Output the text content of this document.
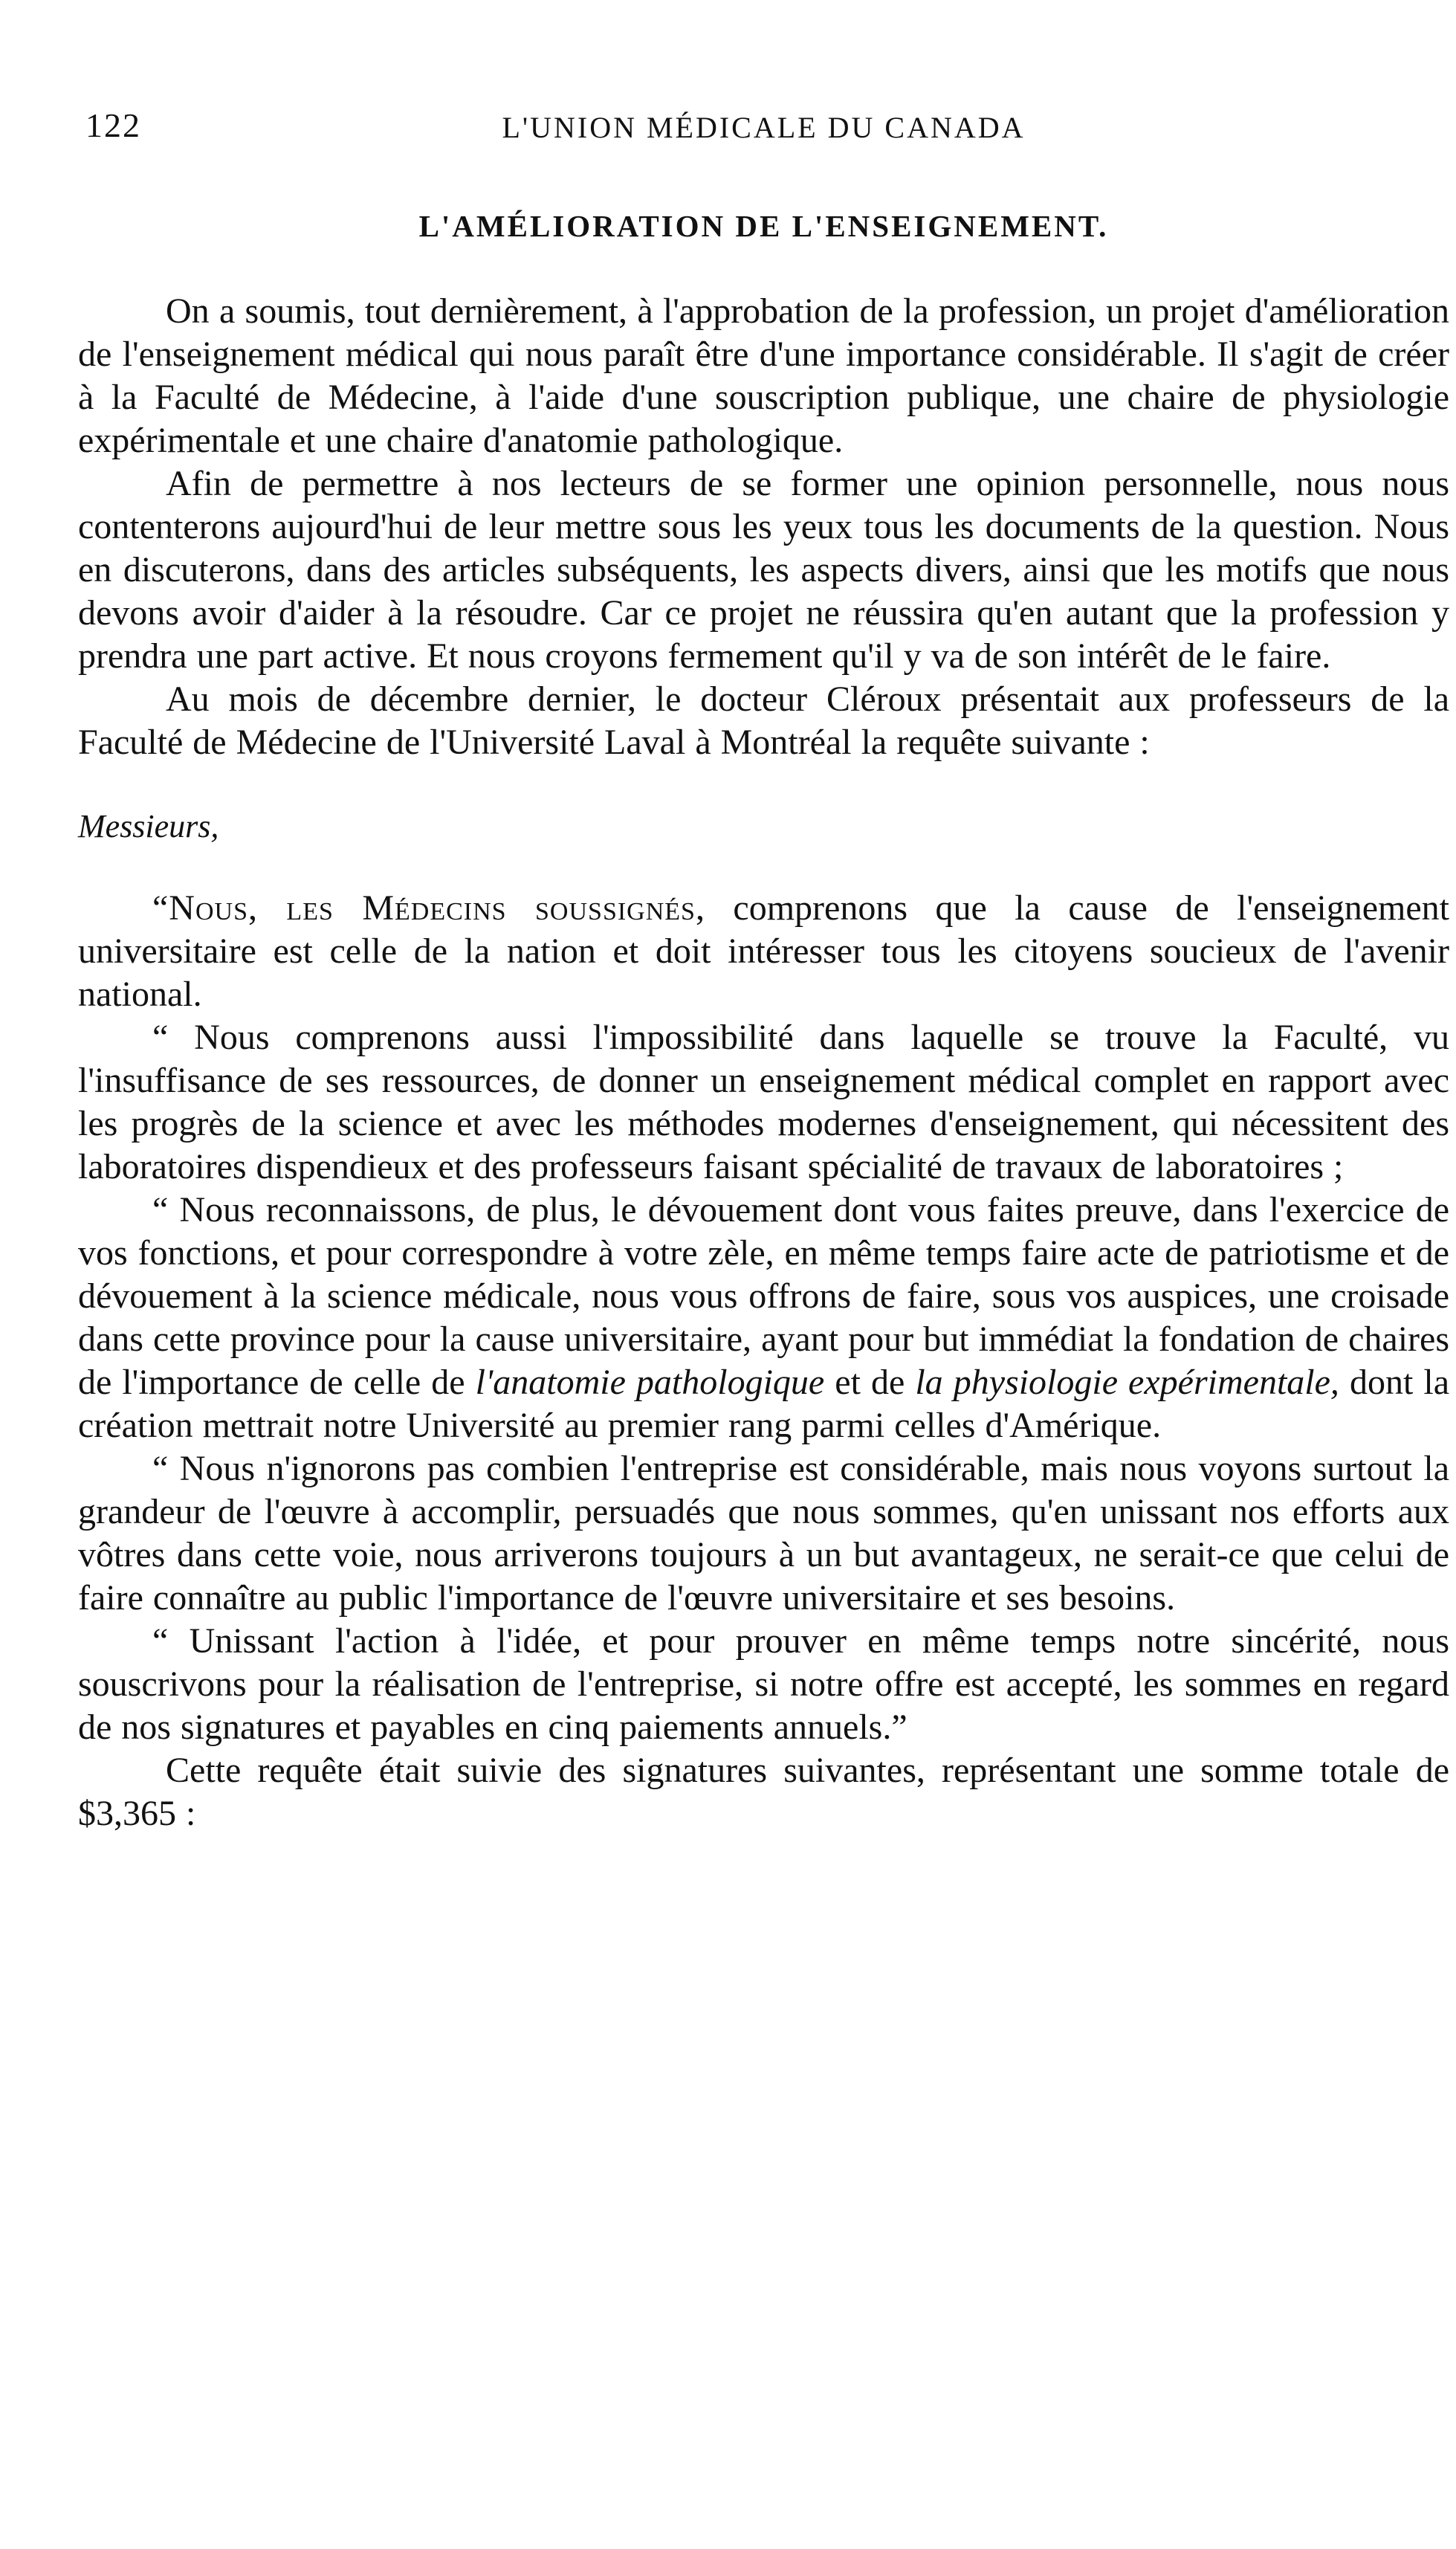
122	L'UNION MÉDICALE DU CANADA
L'AMÉLIORATION DE L'ENSEIGNEMENT.

On a soumis, tout dernièrement, à l'approbation de la profession, un projet d'amélioration de l'enseignement médical qui nous paraît être d'une importance considérable. Il s'agit de créer à la Faculté de Médecine, à l'aide d'une souscription publique, une chaire de physiologie expérimentale et une chaire d'anatomie pathologique.

Afin de permettre à nos lecteurs de se former une opinion personnelle, nous nous contenterons aujourd'hui de leur mettre sous les yeux tous les documents de la question. Nous en discuterons, dans des articles subséquents, les aspects divers, ainsi que les motifs que nous devons avoir d'aider à la résoudre. Car ce projet ne réussira qu'en autant que la profession y prendra une part active. Et nous croyons fermement qu'il y va de son intérêt de le faire.

Au mois de décembre dernier, le docteur Cléroux présentait aux professeurs de la Faculté de Médecine de l'Université Laval à Montréal la requête suivante :

Messieurs,

“Nous, les Médecins soussignés, comprenons que la cause de l'enseignement universitaire est celle de la nation et doit intéresser tous les citoyens soucieux de l'avenir national.

“ Nous comprenons aussi l'impossibilité dans laquelle se trouve la Faculté, vu l'insuffisance de ses ressources, de donner un enseignement médical complet en rapport avec les progrès de la science et avec les méthodes modernes d'enseignement, qui nécessitent des laboratoires dispendieux et des professeurs faisant spécialité de travaux de laboratoires ;

“ Nous reconnaissons, de plus, le dévouement dont vous faites preuve, dans l'exercice de vos fonctions, et pour correspondre à votre zèle, en même temps faire acte de patriotisme et de dévouement à la science médicale, nous vous offrons de faire, sous vos auspices, une croisade dans cette province pour la cause universitaire, ayant pour but immédiat la fondation de chaires de l'importance de celle de l'anatomie pathologique et de la physiologie expérimentale, dont la création mettrait notre Université au premier rang parmi celles d'Amérique.

“ Nous n'ignorons pas combien l'entreprise est considérable, mais nous voyons surtout la grandeur de l'œuvre à accomplir, persuadés que nous sommes, qu'en unissant nos efforts aux vôtres dans cette voie, nous arriverons toujours à un but avantageux, ne serait-ce que celui de faire connaître au public l'importance de l'œuvre universitaire et ses besoins.

“ Unissant l'action à l'idée, et pour prouver en même temps notre sincérité, nous souscrivons pour la réalisation de l'entreprise, si notre offre est accepté, les sommes en regard de nos signatures et payables en cinq paiements annuels.”

Cette requête était suivie des signatures suivantes, représentant une somme totale de $3,365 :
